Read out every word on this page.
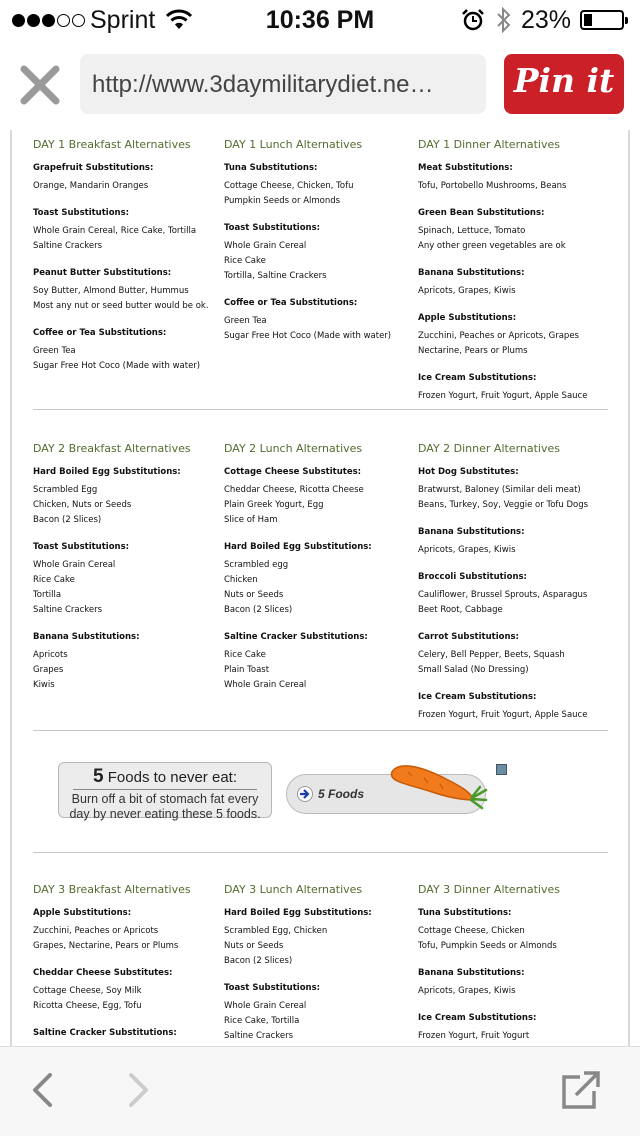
Sprint	10:36 PM	23%
http://www.3daymilitarydiet.ne…	Pin it
DAY 1 Breakfast Alternatives
Grapefruit Substitutions:
Orange, Mandarin Oranges
Toast Substitutions:
Whole Grain Cereal, Rice Cake, Tortilla
Saltine Crackers
Peanut Butter Substitutions:
Soy Butter, Almond Butter, Hummus
Most any nut or seed butter would be ok.
Coffee or Tea Substitutions:
Green Tea
Sugar Free Hot Coco (Made with water)
DAY 1 Lunch Alternatives
Tuna Substitutions:
Cottage Cheese, Chicken, Tofu
Pumpkin Seeds or Almonds
Toast Substitutions:
Whole Grain Cereal
Rice Cake
Tortilla, Saltine Crackers
Coffee or Tea Substitutions:
Green Tea
Sugar Free Hot Coco (Made with water)
DAY 1 Dinner Alternatives
Meat Substitutions:
Tofu, Portobello Mushrooms, Beans
Green Bean Substitutions:
Spinach, Lettuce, Tomato
Any other green vegetables are ok
Banana Substitutions:
Apricots, Grapes, Kiwis
Apple Substitutions:
Zucchini, Peaches or Apricots, Grapes
Nectarine, Pears or Plums
Ice Cream Substitutions:
Frozen Yogurt, Fruit Yogurt, Apple Sauce
DAY 2 Breakfast Alternatives
Hard Boiled Egg Substitutions:
Scrambled Egg
Chicken, Nuts or Seeds
Bacon (2 Slices)
Toast Substitutions:
Whole Grain Cereal
Rice Cake
Tortilla
Saltine Crackers
Banana Substitutions:
Apricots
Grapes
Kiwis
DAY 2 Lunch Alternatives
Cottage Cheese Substitutes:
Cheddar Cheese, Ricotta Cheese
Plain Greek Yogurt, Egg
Slice of Ham
Hard Boiled Egg Substitutions:
Scrambled egg
Chicken
Nuts or Seeds
Bacon (2 Slices)
Saltine Cracker Substitutions:
Rice Cake
Plain Toast
Whole Grain Cereal
DAY 2 Dinner Alternatives
Hot Dog Substitutes:
Bratwurst, Baloney (Similar deli meat)
Beans, Turkey, Soy, Veggie or Tofu Dogs
Banana Substitutions:
Apricots, Grapes, Kiwis
Broccoli Substitutions:
Cauliflower, Brussel Sprouts, Asparagus
Beet Root, Cabbage
Carrot Substitutions:
Celery, Bell Pepper, Beets, Squash
Small Salad (No Dressing)
Ice Cream Substitutions:
Frozen Yogurt, Fruit Yogurt, Apple Sauce
5 Foods to never eat:
Burn off a bit of stomach fat every
day by never eating these 5 foods.
5 Foods
DAY 3 Breakfast Alternatives
Apple Substitutions:
Zucchini, Peaches or Apricots
Grapes, Nectarine, Pears or Plums
Cheddar Cheese Substitutes:
Cottage Cheese, Soy Milk
Ricotta Cheese, Egg, Tofu
Saltine Cracker Substitutions:
DAY 3 Lunch Alternatives
Hard Boiled Egg Substitutions:
Scrambled Egg, Chicken
Nuts or Seeds
Bacon (2 Slices)
Toast Substitutions:
Whole Grain Cereal
Rice Cake, Tortilla
Saltine Crackers
DAY 3 Dinner Alternatives
Tuna Substitutions:
Cottage Cheese, Chicken
Tofu, Pumpkin Seeds or Almonds
Banana Substitutions:
Apricots, Grapes, Kiwis
Ice Cream Substitutions:
Frozen Yogurt, Fruit Yogurt
